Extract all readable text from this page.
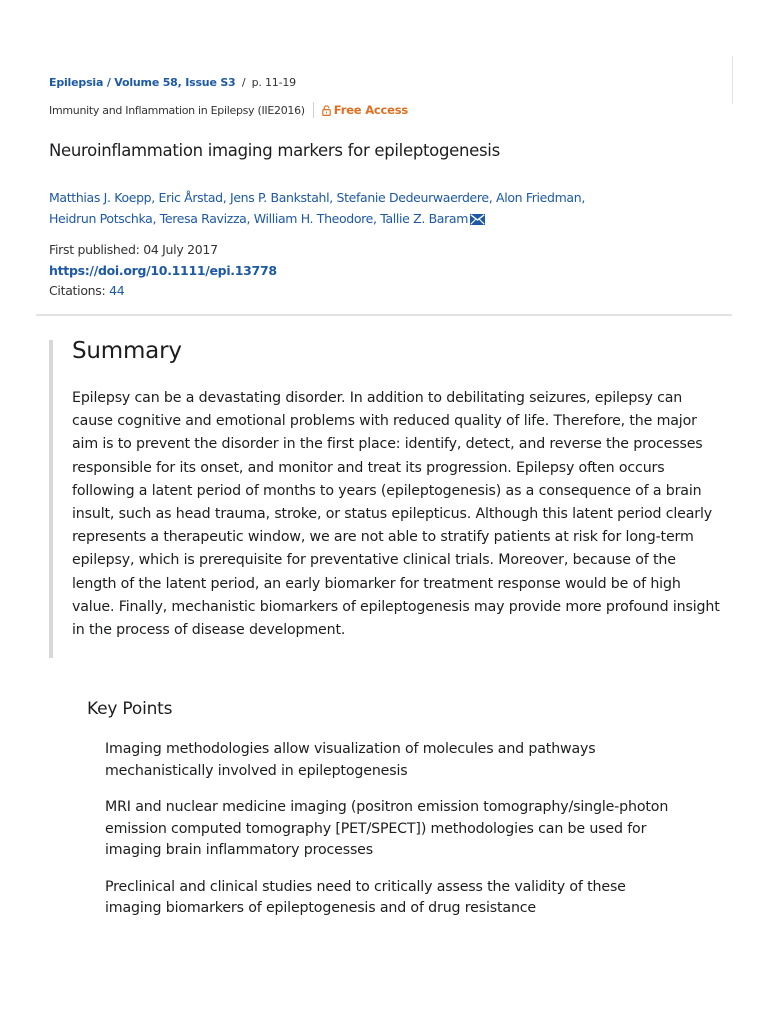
Epilepsia / Volume 58, Issue S3 / p. 11-19
Immunity and Inflammation in Epilepsy (IIE2016)	Free Access
Neuroinflammation imaging markers for epileptogenesis
Matthias J. Koepp, Eric Årstad, Jens P. Bankstahl, Stefanie Dedeurwaerdere, Alon Friedman,
Heidrun Potschka, Teresa Ravizza, William H. Theodore, Tallie Z. Baram
First published: 04 July 2017
https://doi.org/10.1111/epi.13778
Citations: 44
Summary

Epilepsy can be a devastating disorder. In addition to debilitating seizures, epilepsy can cause cognitive and emotional problems with reduced quality of life. Therefore, the major aim is to prevent the disorder in the first place: identify, detect, and reverse the processes responsible for its onset, and monitor and treat its progression. Epilepsy often occurs following a latent period of months to years (epileptogenesis) as a consequence of a brain insult, such as head trauma, stroke, or status epilepticus. Although this latent period clearly represents a therapeutic window, we are not able to stratify patients at risk for long-term epilepsy, which is prerequisite for preventative clinical trials. Moreover, because of the length of the latent period, an early biomarker for treatment response would be of high value. Finally, mechanistic biomarkers of epileptogenesis may provide more profound insight in the process of disease development.

Key Points
Imaging methodologies allow visualization of molecules and pathways mechanistically involved in epileptogenesis
MRI and nuclear medicine imaging (positron emission tomography/single-photon emission computed tomography [PET/SPECT]) methodologies can be used for imaging brain inflammatory processes
Preclinical and clinical studies need to critically assess the validity of these imaging biomarkers of epileptogenesis and of drug resistance
